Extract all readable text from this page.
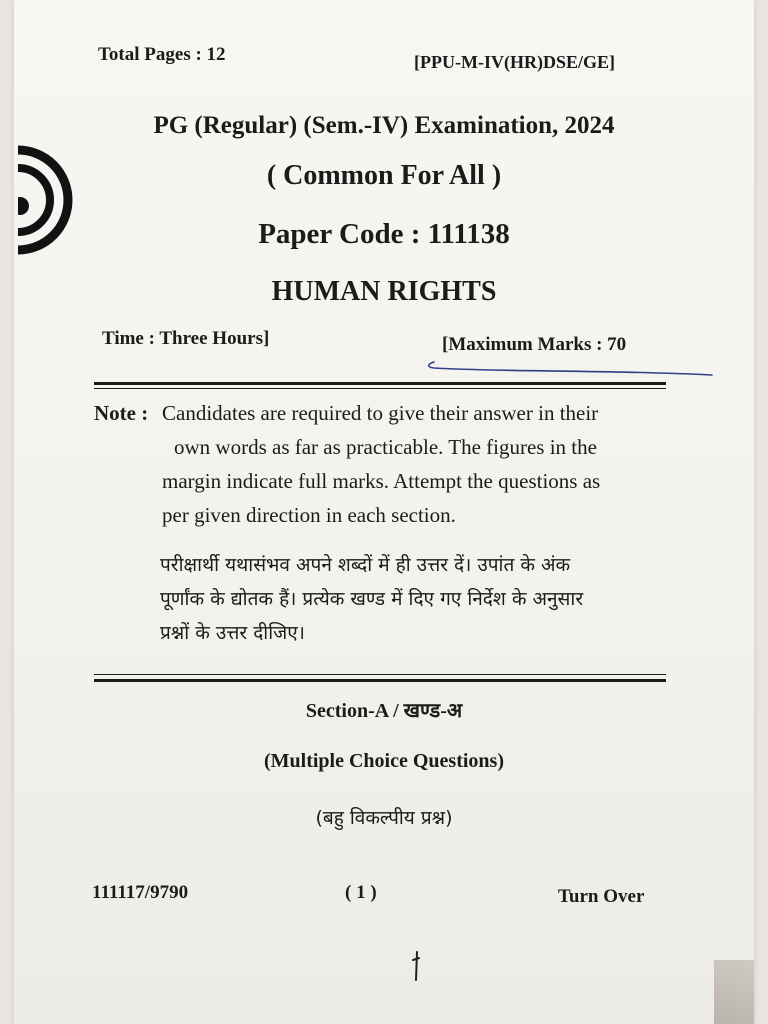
Total Pages : 12	[PPU-M-IV(HR)DSE/GE]
PG (Regular) (Sem.-IV) Examination, 2024
( Common For All )
Paper Code : 111138
HUMAN RIGHTS
Time : Three Hours]	[Maximum Marks : 70
Note : Candidates are required to give their answer in their
own words as far as practicable. The figures in the
margin indicate full marks. Attempt the questions as
per given direction in each section.
परीक्षार्थी यथासंभव अपने शब्दों में ही उत्तर दें। उपांत के अंक
पूर्णांक के द्योतक हैं। प्रत्येक खण्ड में दिए गए निर्देश के अनुसार
प्रश्नों के उत्तर दीजिए।
Section-A / खण्ड-अ
(Multiple Choice Questions)
(बहु विकल्पीय प्रश्न)
111117/9790	( 1 )	Turn Over
